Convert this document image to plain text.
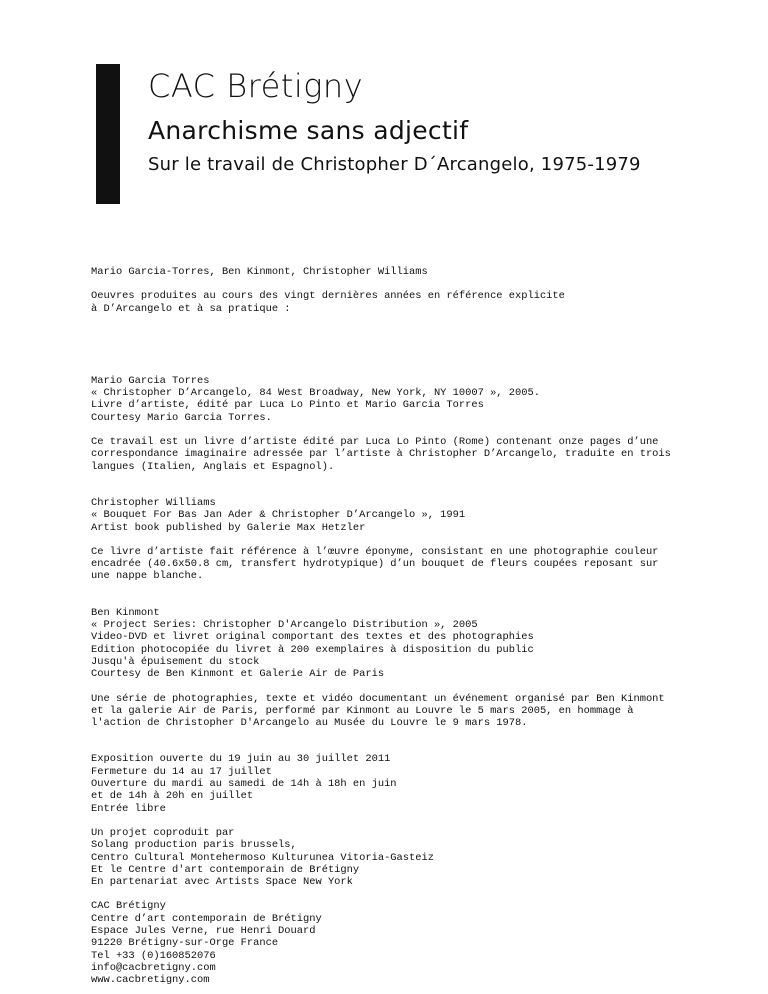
CAC Brétigny
Anarchisme sans adjectif
Sur le travail de Christopher D´Arcangelo, 1975-1979

Mario Garcia-Torres, Ben Kinmont, Christopher Williams

Oeuvres produites au cours des vingt dernières années en référence explicite
à D’Arcangelo et à sa pratique :

Mario Garcia Torres
« Christopher D’Arcangelo, 84 West Broadway, New York, NY 10007 », 2005.
Livre d’artiste, édité par Luca Lo Pinto et Mario Garcia Torres
Courtesy Mario Garcia Torres.

Ce travail est un livre d’artiste édité par Luca Lo Pinto (Rome) contenant onze pages d’une
correspondance imaginaire adressée par l’artiste à Christopher D’Arcangelo, traduite en trois
langues (Italien, Anglais et Espagnol).

Christopher Williams
« Bouquet For Bas Jan Ader & Christopher D’Arcangelo », 1991
Artist book published by Galerie Max Hetzler

Ce livre d’artiste fait référence à l’œuvre éponyme, consistant en une photographie couleur
encadrée (40.6x50.8 cm, transfert hydrotypique) d’un bouquet de fleurs coupées reposant sur
une nappe blanche.

Ben Kinmont
« Project Series: Christopher D'Arcangelo Distribution », 2005
Video-DVD et livret original comportant des textes et des photographies
Edition photocopiée du livret à 200 exemplaires à disposition du public
Jusqu'à épuisement du stock
Courtesy de Ben Kinmont et Galerie Air de Paris

Une série de photographies, texte et vidéo documentant un événement organisé par Ben Kinmont
et la galerie Air de Paris, performé par Kinmont au Louvre le 5 mars 2005, en hommage à
l'action de Christopher D'Arcangelo au Musée du Louvre le 9 mars 1978.

Exposition ouverte du 19 juin au 30 juillet 2011
Fermeture du 14 au 17 juillet
Ouverture du mardi au samedi de 14h à 18h en juin
et de 14h à 20h en juillet
Entrée libre

Un projet coproduit par
Solang production paris brussels,
Centro Cultural Montehermoso Kulturunea Vitoria-Gasteiz
Et le Centre d'art contemporain de Brétigny
En partenariat avec Artists Space New York

CAC Brétigny
Centre d’art contemporain de Brétigny
Espace Jules Verne, rue Henri Douard
91220 Brétigny-sur-Orge France
Tel +33 (0)160852076
info@cacbretigny.com
www.cacbretigny.com
